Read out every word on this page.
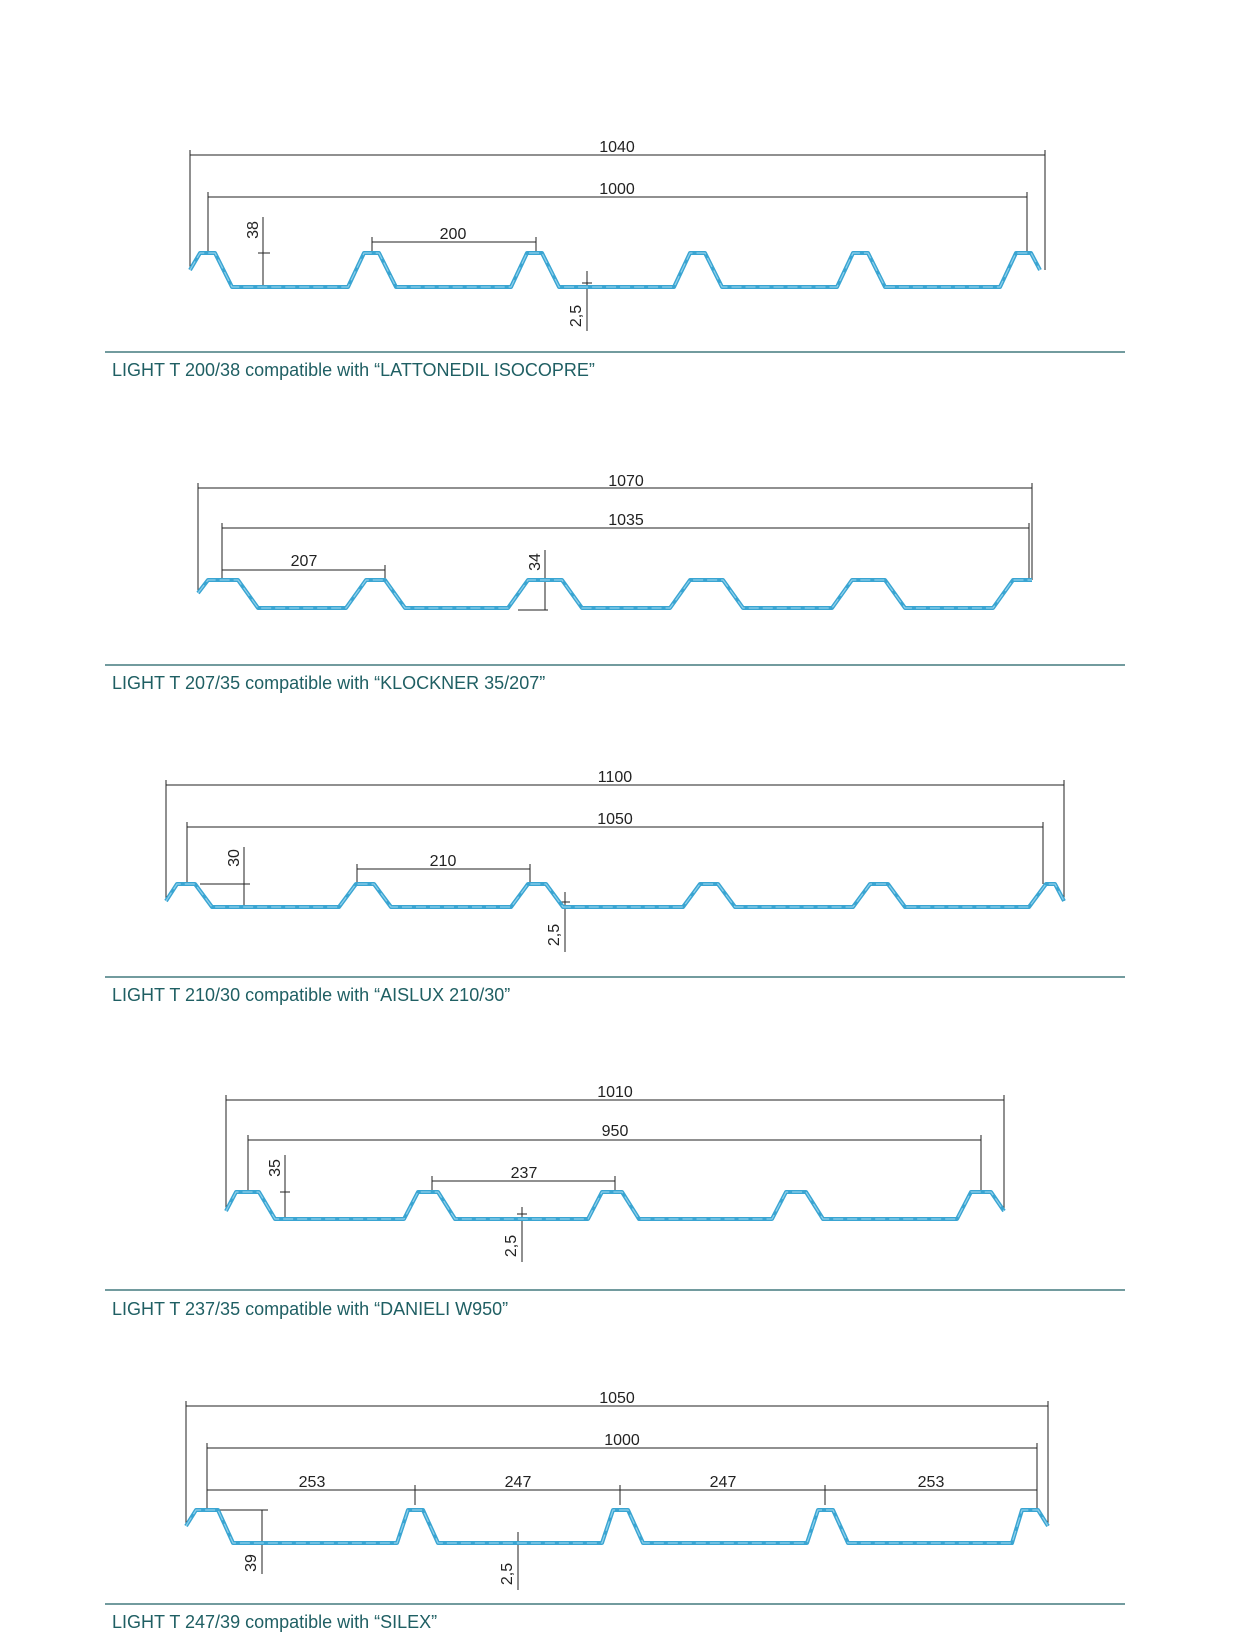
1040
1000
200
38
2,5
LIGHT T 200/38 compatible with “LATTONEDIL ISOCOPRE”
1070
1035
207	34
LIGHT T 207/35 compatible with “KLOCKNER 35/207”
1100
1050
210
30
2,5
LIGHT T 210/30 compatible with “AISLUX 210/30”
1010
950
237
35
2,5
LIGHT T 237/35 compatible with “DANIELI W950”
1050
1000
253	247	247	253
39	2,5
LIGHT T 247/39 compatible with “SILEX”
